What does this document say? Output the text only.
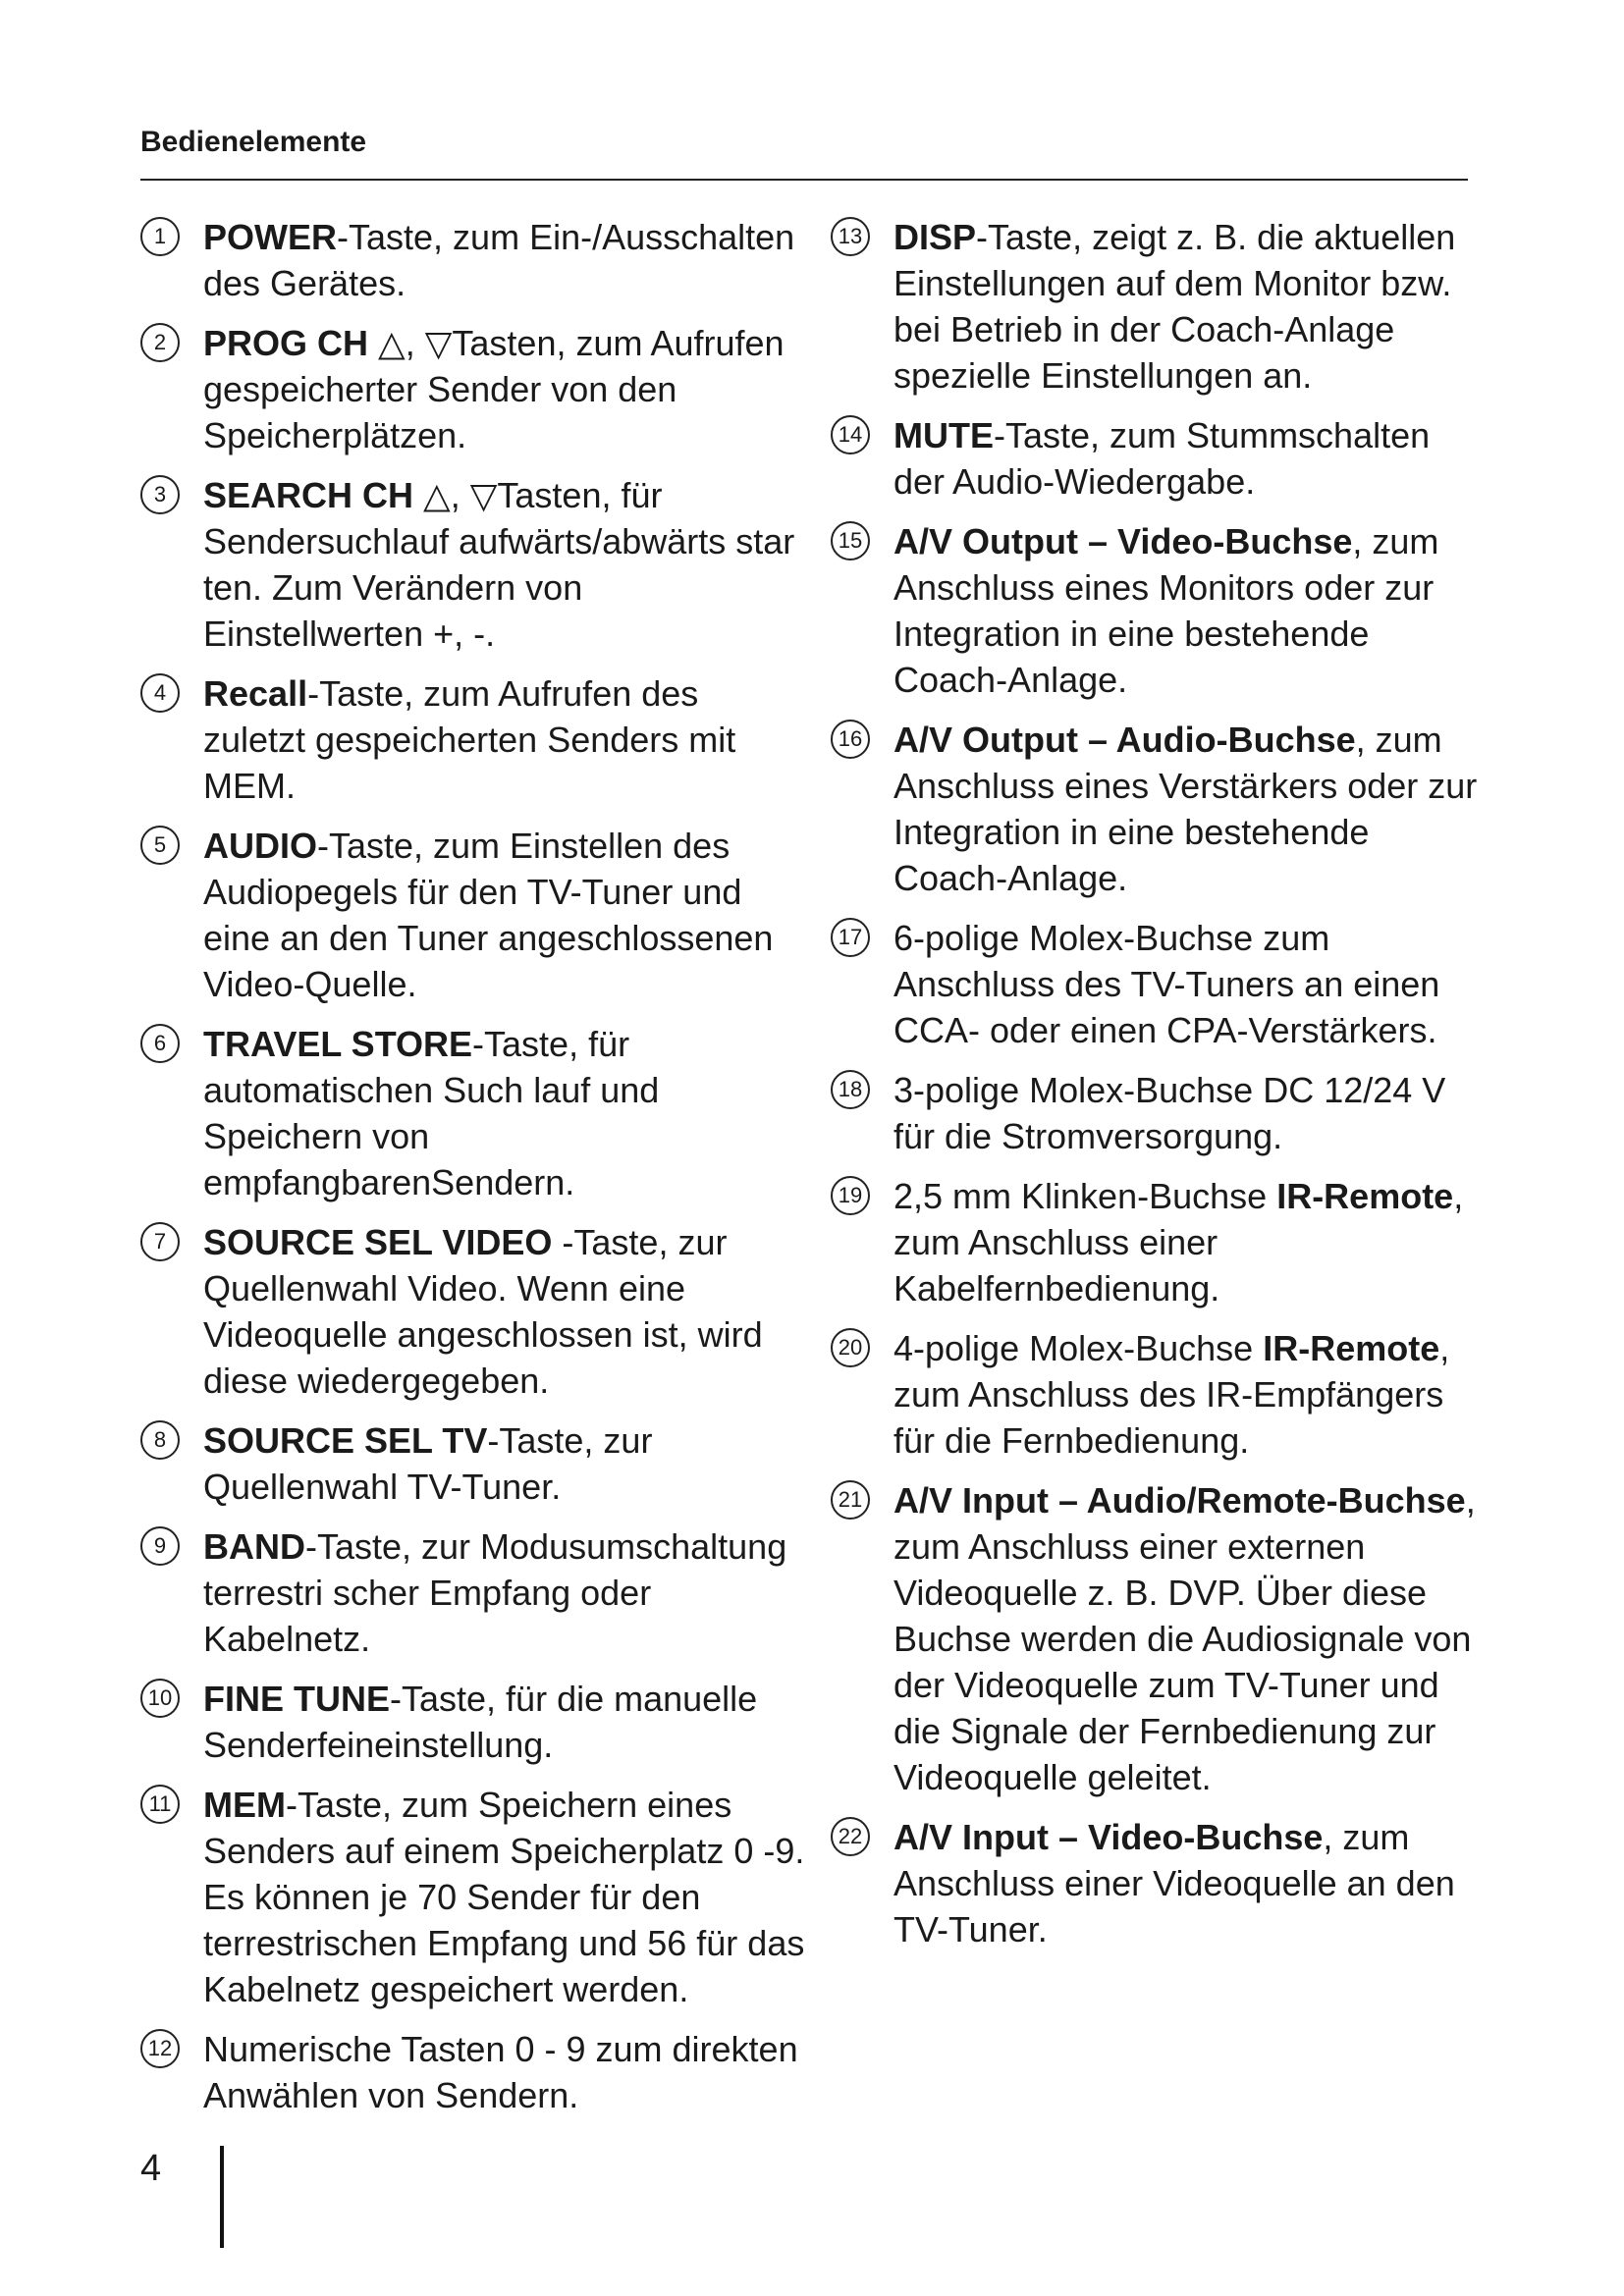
Bedienelemente
1	POWER-Taste, zum Ein-/Ausschalten des Gerätes.
2	PROG CH △, ▽Tasten, zum Aufrufen gespeicherter Sender von den Speicherplätzen.
3	SEARCH CH △, ▽Tasten, für Sendersuchlauf aufwärts/abwärts star ten. Zum Verändern von Einstellwerten +, -.
4	Recall-Taste, zum Aufrufen des zuletzt gespeicherten Senders mit MEM.
5	AUDIO-Taste, zum Einstellen des Audiopegels für den TV-Tuner und eine an den Tuner angeschlossenen Video-Quelle.
6	TRAVEL STORE-Taste, für automatischen Such lauf und Speichern von empfangbarenSendern.
7	SOURCE SEL VIDEO -Taste, zur Quellenwahl Video. Wenn eine Videoquelle angeschlossen ist, wird diese wiedergegeben.
8	SOURCE SEL TV-Taste, zur Quellenwahl TV-Tuner.
9	BAND-Taste, zur Modusumschaltung terrestri scher Empfang oder Kabelnetz.
10 FINE TUNE-Taste, für die manuelle Senderfeineinstellung.
11 MEM-Taste, zum Speichern eines Senders auf einem Speicherplatz 0 -9. Es können je 70 Sender für den terrestrischen Empfang und 56 für das Kabelnetz gespeichert werden.
12 Numerische Tasten 0 - 9 zum direkten Anwählen von Sendern.
13 DISP-Taste, zeigt z. B. die aktuellen Einstellungen auf dem Monitor bzw. bei Betrieb in der Coach-Anlage spezielle Einstellungen an.
14 MUTE-Taste, zum Stummschalten der Audio-Wiedergabe.
15 A/V Output – Video-Buchse, zum Anschluss eines Monitors oder zur Integration in eine bestehende Coach-Anlage.
16 A/V Output – Audio-Buchse, zum Anschluss eines Verstärkers oder zur Integration in eine bestehende Coach-Anlage.
17 6-polige Molex-Buchse zum Anschluss des TV-Tuners an einen CCA- oder einen CPA-Verstärkers.
18 3-polige Molex-Buchse DC 12/24 V für die Stromversorgung.
19 2,5 mm Klinken-Buchse IR-Remote, zum Anschluss einer Kabelfernbedienung.
20 4-polige Molex-Buchse IR-Remote, zum Anschluss des IR-Empfängers für die Fernbedienung.
21 A/V Input – Audio/Remote-Buchse, zum Anschluss einer externen Videoquelle z. B. DVP. Über diese Buchse werden die Audiosignale von der Videoquelle zum TV-Tuner und die Signale der Fernbedienung zur Videoquelle geleitet.
22 A/V Input – Video-Buchse, zum Anschluss einer Videoquelle an den TV-Tuner.
4
